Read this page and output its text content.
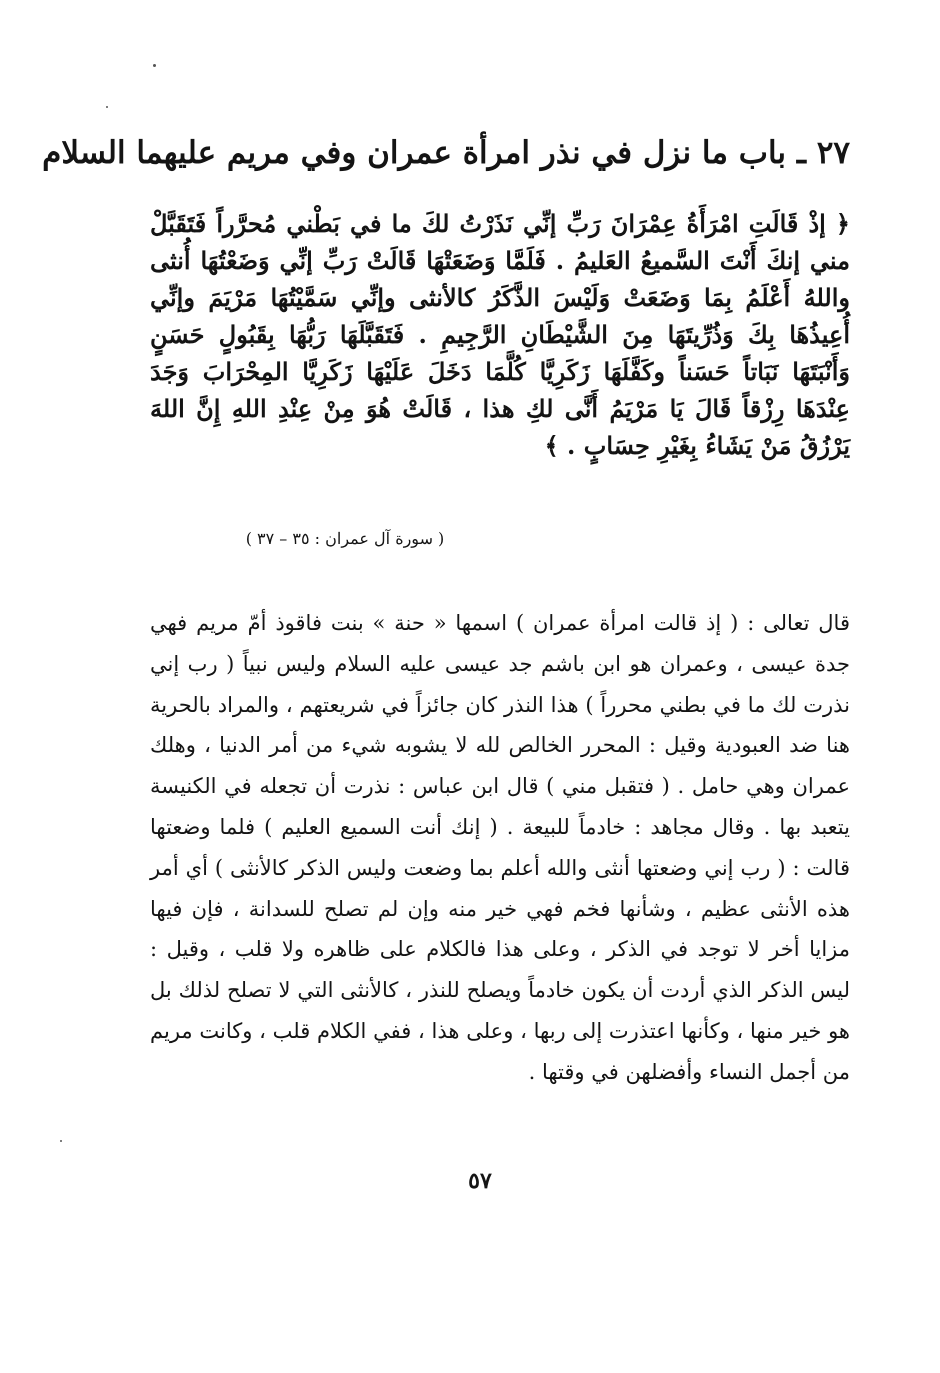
٢٧ ـ باب ما نزل في نذر امرأة عمران وفي مريم عليهما السلام
﴿ إذْ قَالَتِ امْرَأَةُ عِمْرَانَ رَبِّ إنِّي نَذَرْتُ لكَ ما في بَطْني مُحرَّراً فَتَقَبَّلْ مني إنكَ أَنْتَ السَّميعُ العَليمُ . فَلَمَّا وَضَعَتْهَا قَالَتْ رَبِّ إنِّي وَضَعْتُهَا أُنثى واللهُ أَعْلَمُ بِمَا وَضَعَتْ وَلَيْسَ الذَّكَرُ كالأنثى وإنِّي سَمَّيْتُهَا مَرْيَمَ وإنِّي أُعِيذُهَا بِكَ وَذُرِّيتَهَا مِنَ الشَّيْطَانِ الرَّجِيمِ . فَتَقَبَّلَهَا رَبُّهَا بِقَبُولٍ حَسَنٍ وَأَنْبَتَهَا نَبَاتاً حَسَناً وكَفَّلَهَا زَكَرِيَّا كُلَّمَا دَخَلَ عَلَيْهَا زَكَرِيَّا المِحْرَابَ وَجَدَ عِنْدَهَا رِزْقاً قَالَ يَا مَرْيَمُ أَنَّى لكِ هذا ، قَالَتْ هُوَ مِنْ عِنْدِ اللهِ إِنَّ اللهَ يَرْزُقُ مَنْ يَشَاءُ بِغَيْرِ حِسَابٍ . ﴾
( سورة آل عمران : ٣٥ – ٣٧ )
قال تعالى : ( إذ قالت امرأة عمران ) اسمها « حنة » بنت فاقوذ أمّ مريم فهي جدة عيسى ، وعمران هو ابن باشم جد عيسى عليه السلام وليس نبياً ( رب إني نذرت لك ما في بطني محرراً ) هذا النذر كان جائزاً في شريعتهم ، والمراد بالحرية هنا ضد العبودية وقيل : المحرر الخالص لله لا يشوبه شيء من أمر الدنيا ، وهلك عمران وهي حامل . ( فتقبل مني ) قال ابن عباس : نذرت أن تجعله في الكنيسة يتعبد بها . وقال مجاهد : خادماً للبيعة . ( إنك أنت السميع العليم ) فلما وضعتها قالت : ( رب إني وضعتها أنثى والله أعلم بما وضعت وليس الذكر كالأنثى ) أي أمر هذه الأنثى عظيم ، وشأنها فخم فهي خير منه وإن لم تصلح للسدانة ، فإن فيها مزايا أخر لا توجد في الذكر ، وعلى هذا فالكلام على ظاهره ولا قلب ، وقيل : ليس الذكر الذي أردت أن يكون خادماً ويصلح للنذر ، كالأنثى التي لا تصلح لذلك بل هو خير منها ، وكأنها اعتذرت إلى ربها ، وعلى هذا ، ففي الكلام قلب ، وكانت مريم من أجمل النساء وأفضلهن في وقتها .
٥٧
